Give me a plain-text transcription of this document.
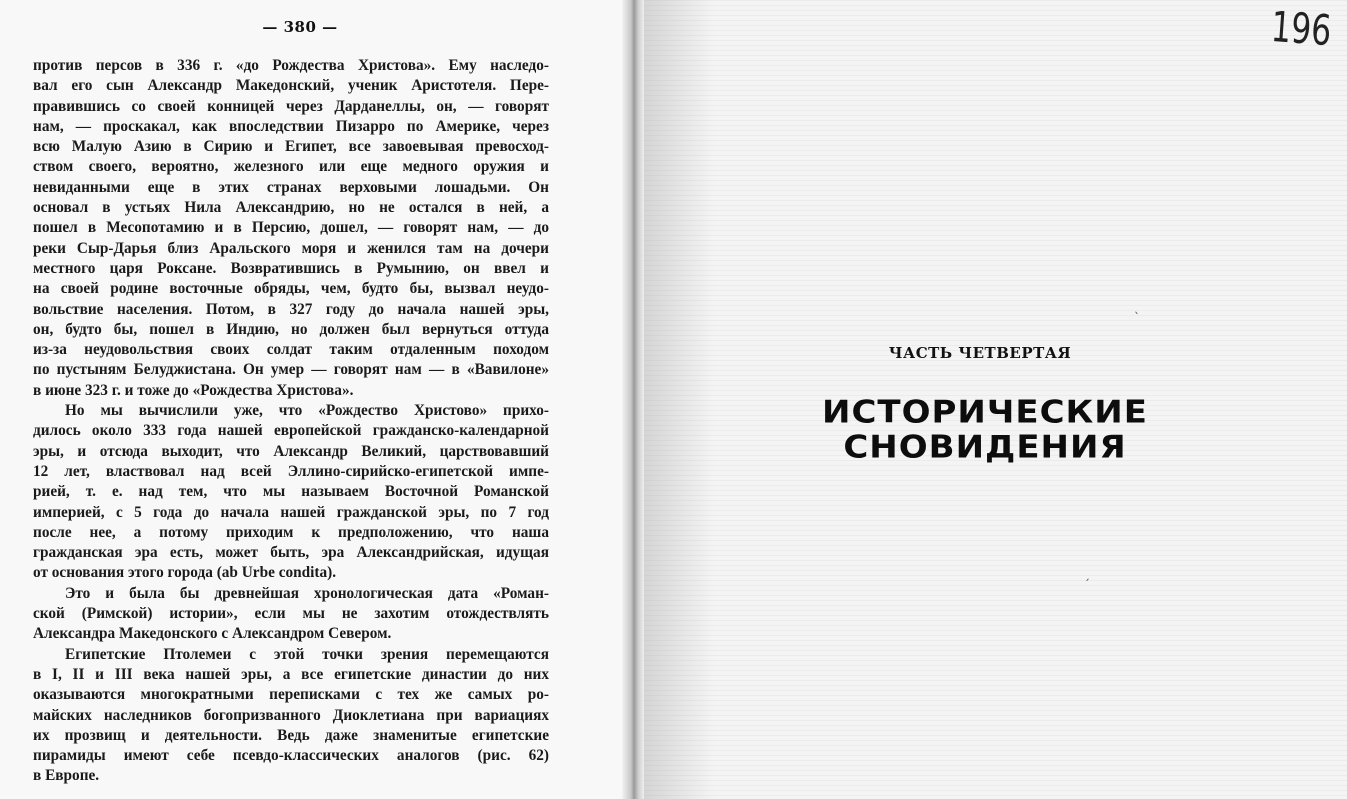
— 380 —
против персов в 336 г. «до Рождества Христова». Ему наследо-
вал его сын Александр Македонский, ученик Аристотеля. Пере-
правившись со своей конницей через Дарданеллы, он, — говорят
нам, — проскакал, как впоследствии Пизарро по Америке, через
всю Малую Азию в Сирию и Египет, все завоевывая превосход-
ством своего, вероятно, железного или еще медного оружия и
невиданными еще в этих странах верховыми лошадьми. Он
основал в устьях Нила Александрию, но не остался в ней, а
пошел в Месопотамию и в Персию, дошел, — говорят нам, — до
реки Сыр-Дарья близ Аральского моря и женился там на дочери
местного царя Роксане. Возвратившись в Румынию, он ввел и
на своей родине восточные обряды, чем, будто бы, вызвал неудо-
вольствие населения. Потом, в 327 году до начала нашей эры,
он, будто бы, пошел в Индию, но должен был вернуться оттуда
из-за неудовольствия своих солдат таким отдаленным походом
по пустыням Белуджистана. Он умер — говорят нам — в «Вавилоне»
в июне 323 г. и тоже до «Рождества Христова».
Но мы вычислили уже, что «Рождество Христово» прихо-
дилось около 333 года нашей европейской гражданско-календарной
эры, и отсюда выходит, что Александр Великий, царствовавший
12 лет, властвовал над всей Эллино-сирийско-египетской импе-
рией, т. е. над тем, что мы называем Восточной Романской
империей, с 5 года до начала нашей гражданской эры, по 7 год
после нее, а потому приходим к предположению, что наша
гражданская эра есть, может быть, эра Александрийская, идущая
от основания этого города (ab Urbe condita).
Это и была бы древнейшая хронологическая дата «Роман-
ской (Римской) истории», если мы не захотим отождествлять
Александра Македонского с Александром Севером.
Египетские Птолемеи с этой точки зрения перемещаются
в I, II и III века нашей эры, а все египетские династии до них
оказываются многократными переписками с тех же самых ро-
майских наследников богопризванного Диоклетиана при вариациях
их прозвищ и деятельности. Ведь даже знаменитые египетские
пирамиды имеют себе псевдо-классических аналогов (рис. 62)
в Европе.
196
ЧАСТЬ ЧЕТВЕРТАЯ
ИСТОРИЧЕСКИЕ
СНОВИДЕНИЯ
ˎ
ˏ
